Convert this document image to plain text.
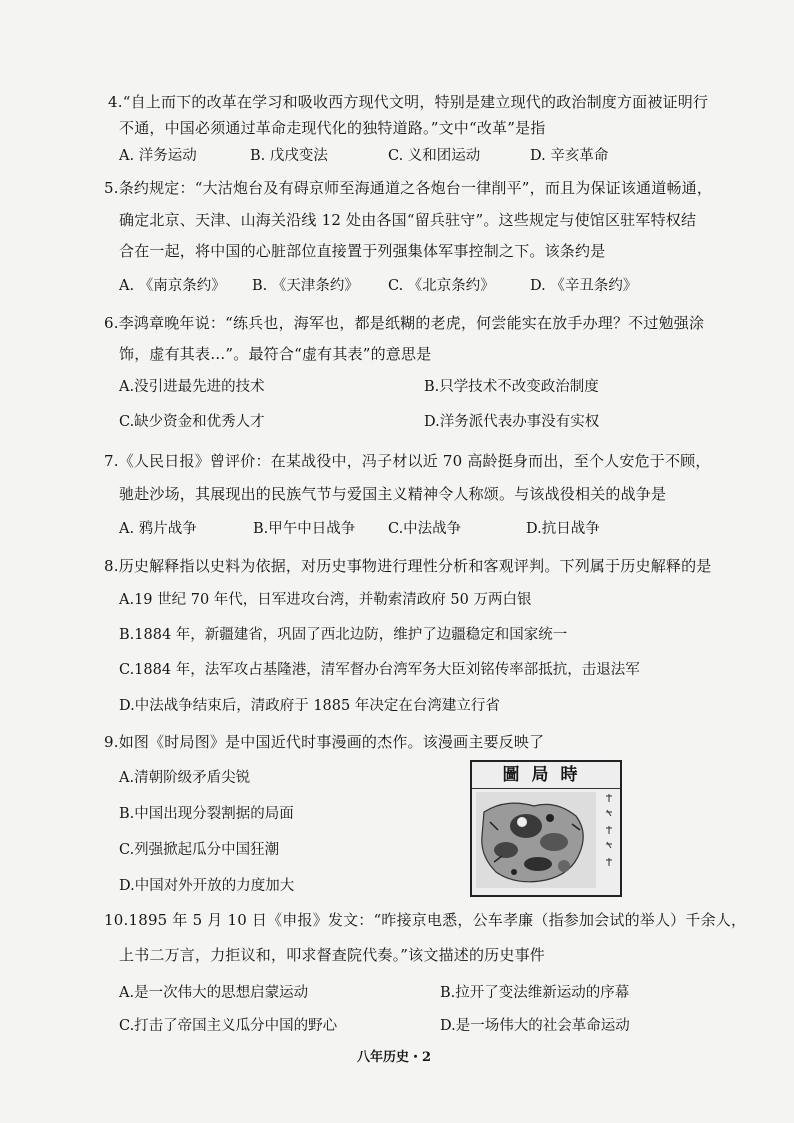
4.“自上而下的改革在学习和吸收西方现代文明，特别是建立现代的政治制度方面被证明行
不通，中国必须通过革命走现代化的独特道路。”文中“改革”是指
A. 洋务运动	B. 戊戌变法	C. 义和团运动	D. 辛亥革命
5.条约规定：“大沽炮台及有碍京师至海通道之各炮台一律削平”，而且为保证该通道畅通，
确定北京、天津、山海关沿线 12 处由各国“留兵驻守”。这些规定与使馆区驻军特权结
合在一起，将中国的心脏部位直接置于列强集体军事控制之下。该条约是
A. 《南京条约》 B. 《天津条约》 C. 《北京条约》 D. 《辛丑条约》
6.李鸿章晚年说：“练兵也，海军也，都是纸糊的老虎，何尝能实在放手办理？不过勉强涂
饰，虚有其表…”。最符合“虚有其表”的意思是
A.没引进最先进的技术	B.只学技术不改变政治制度
C.缺少资金和优秀人才	D.洋务派代表办事没有实权
7.《人民日报》曾评价：在某战役中，冯子材以近 70 高龄挺身而出，至个人安危于不顾，
驰赴沙场，其展现出的民族气节与爱国主义精神令人称颂。与该战役相关的战争是
A. 鸦片战争	B.甲午中日战争 C.中法战争	D.抗日战争
8.历史解释指以史料为依据，对历史事物进行理性分析和客观评判。下列属于历史解释的是
A.19 世纪 70 年代，日军进攻台湾，并勒索清政府 50 万两白银
B.1884 年，新疆建省，巩固了西北边防，维护了边疆稳定和国家统一
C.1884 年，法军攻占基隆港，清军督办台湾军务大臣刘铭传率部抵抗，击退法军
D.中法战争结束后，清政府于 1885 年决定在台湾建立行省
9.如图《时局图》是中国近代时事漫画的杰作。该漫画主要反映了
A.清朝阶级矛盾尖锐
B.中国出现分裂割据的局面
C.列强掀起瓜分中国狂潮
D.中国对外开放的力度加大
圖局時
10.1895 年 5 月 10 日《申报》发文：“昨接京电悉，公车孝廉（指参加会试的举人）千余人，
上书二万言，力拒议和，叩求督查院代奏。”该文描述的历史事件
A.是一次伟大的思想启蒙运动	B.拉开了变法维新运动的序幕
C.打击了帝国主义瓜分中国的野心	D.是一场伟大的社会革命运动
八年历史・2
